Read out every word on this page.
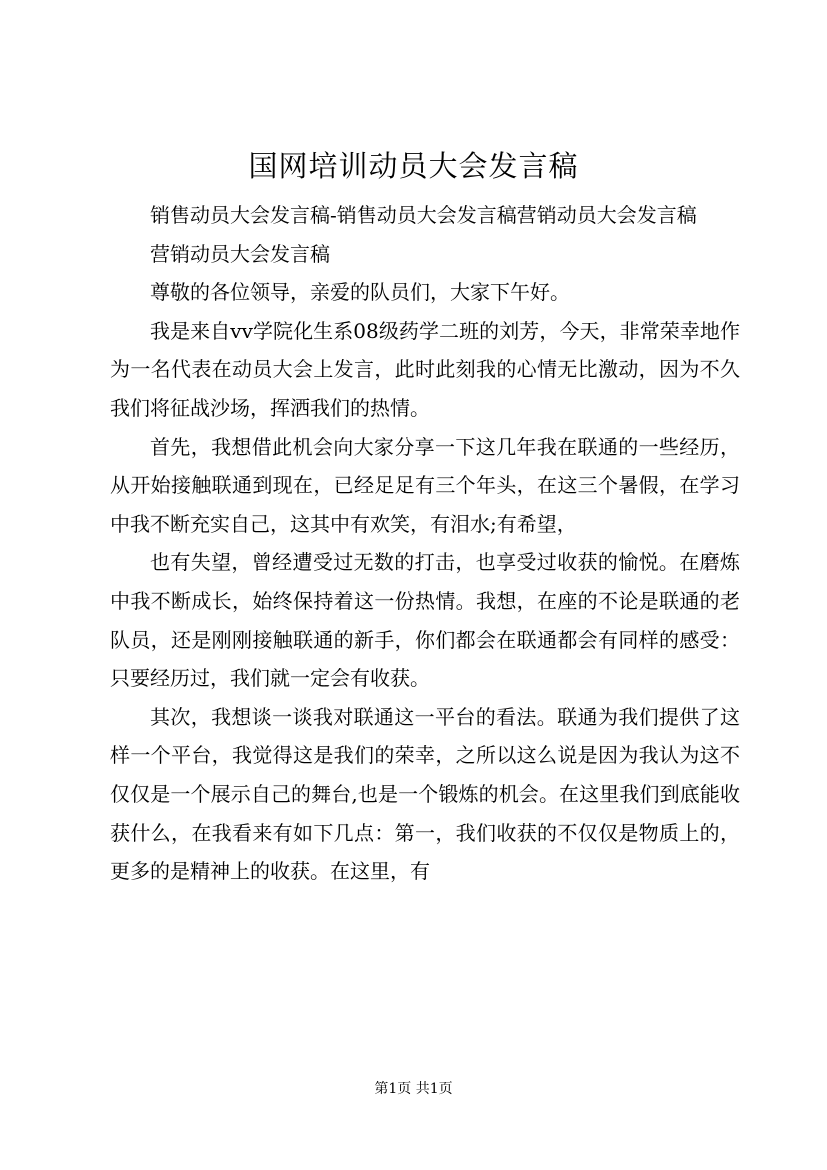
国网培训动员大会发言稿

销售动员大会发言稿-销售动员大会发言稿营销动员大会发言稿

营销动员大会发言稿

尊敬的各位领导，亲爱的队员们，大家下午好。

我是来自vv学院化生系08级药学二班的刘芳，今天，非常荣幸地作为一名代表在动员大会上发言，此时此刻我的心情无比激动，因为不久我们将征战沙场，挥洒我们的热情。

首先，我想借此机会向大家分享一下这几年我在联通的一些经历，从开始接触联通到现在，已经足足有三个年头，在这三个暑假，在学习中我不断充实自己，这其中有欢笑，有泪水;有希望，

也有失望，曾经遭受过无数的打击，也享受过收获的愉悦。在磨炼中我不断成长，始终保持着这一份热情。我想，在座的不论是联通的老队员，还是刚刚接触联通的新手，你们都会在联通都会有同样的感受：只要经历过，我们就一定会有收获。

其次，我想谈一谈我对联通这一平台的看法。联通为我们提供了这样一个平台，我觉得这是我们的荣幸，之所以这么说是因为我认为这不仅仅是一个展示自己的舞台,也是一个锻炼的机会。在这里我们到底能收获什么，在我看来有如下几点：第一，我们收获的不仅仅是物质上的，更多的是精神上的收获。在这里，有

第1页 共1页
